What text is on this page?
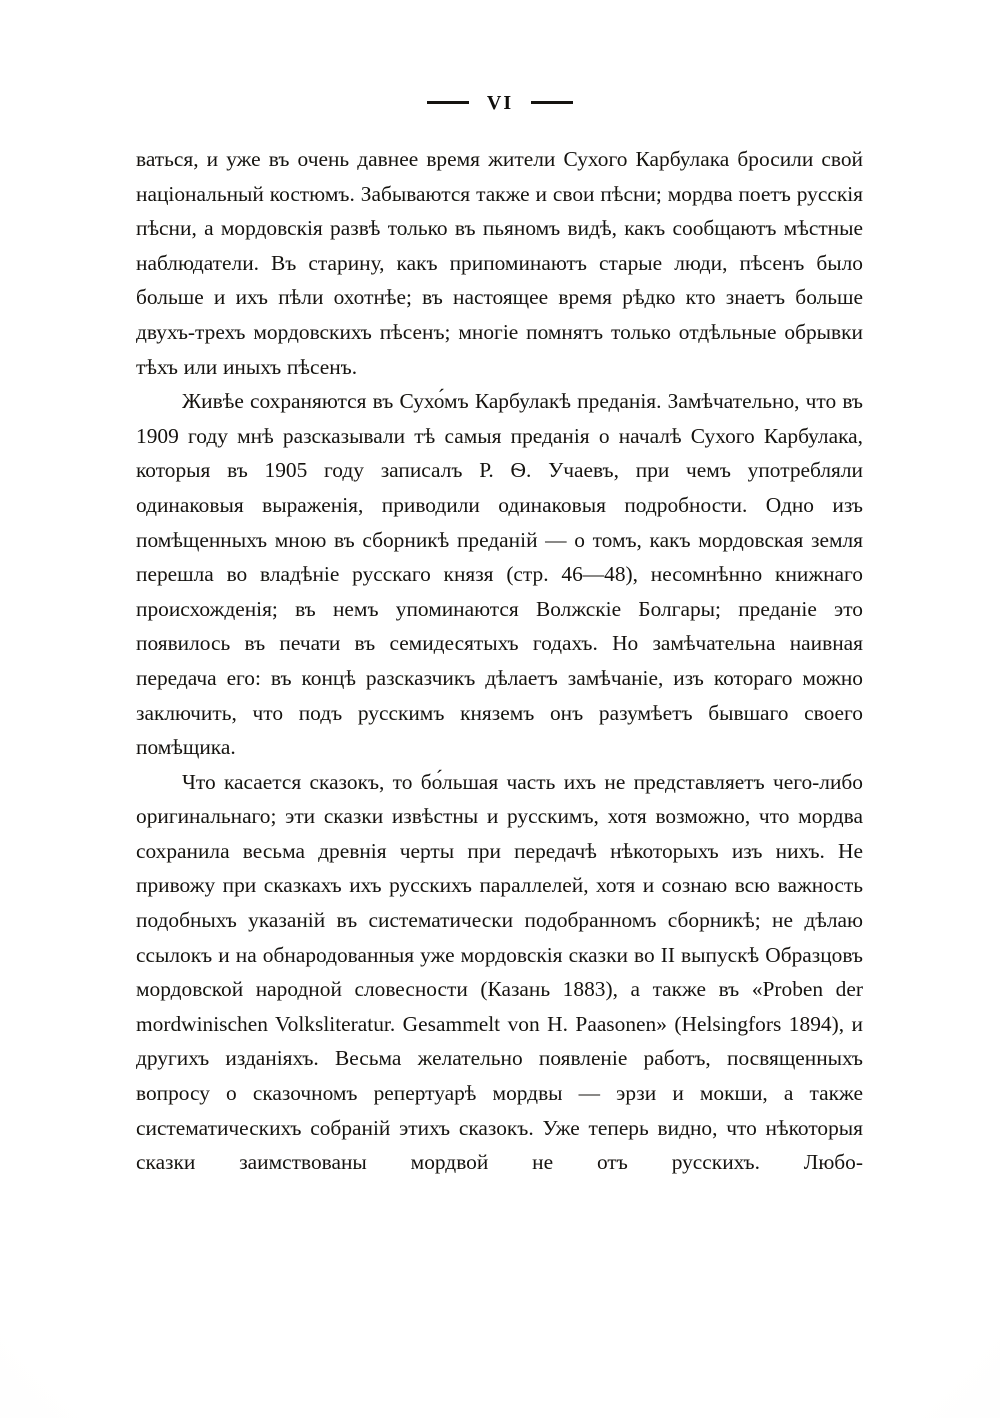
VI

ваться, и уже въ очень давнее время жители Сухого Карбулака бросили свой національный костюмъ. Забываются также и свои пѣсни; мордва поетъ русскія пѣсни, а мордовскія развѣ только въ пьяномъ видѣ, какъ сообщаютъ мѣстные наблюдатели. Въ старину, какъ припоминаютъ старые люди, пѣсенъ было больше и ихъ пѣли охотнѣе; въ настоящее время рѣдко кто знаетъ больше двухъ-трехъ мордовскихъ пѣсенъ; многіе помнятъ только отдѣльные обрывки тѣхъ или иныхъ пѣсенъ.

Живѣе сохраняются въ Сухо́мъ Карбулакѣ преданія. Замѣчательно, что въ 1909 году мнѣ разсказывали тѣ самыя преданія о началѣ Сухого Карбулака, которыя въ 1905 году записалъ Р. Ѳ. Учаевъ, при чемъ употребляли одинаковыя выраженія, приводили одинаковыя подробности. Одно изъ помѣщенныхъ мною въ сборникѣ преданій — о томъ, какъ мордовская земля перешла во владѣніе русскаго князя (стр. 46—48), несомнѣнно книжнаго происхожденія; въ немъ упоминаются Волжскіе Болгары; преданіе это появилось въ печати въ семидесятыхъ годахъ. Но замѣчательна наивная передача его: въ концѣ разсказчикъ дѣлаетъ замѣчаніе, изъ котораго можно заключить, что подъ русскимъ княземъ онъ разумѣетъ бывшаго своего помѣщика.

Что касается сказокъ, то бо́льшая часть ихъ не представляетъ чего-либо оригинальнаго; эти сказки извѣстны и русскимъ, хотя возможно, что мордва сохранила весьма древнія черты при передачѣ нѣкоторыхъ изъ нихъ. Не привожу при сказкахъ ихъ русскихъ параллелей, хотя и сознаю всю важность подобныхъ указаній въ систематически подобранномъ сборникѣ; не дѣлаю ссылокъ и на обнародованныя уже мордовскія сказки во II выпускѣ Образцовъ мордовской народной словесности (Казань 1883), а также въ «Proben der mordwinischen Volksliteratur. Gesammelt von H. Paasonen» (Helsingfors 1894), и другихъ изданіяхъ. Весьма желательно появленіе работъ, посвященныхъ вопросу о сказочномъ репертуарѣ мордвы — эрзи и мокши, а также систематическихъ собраній этихъ сказокъ. Уже теперь видно, что нѣкоторыя сказки заимствованы мордвой не отъ русскихъ. Любо-
